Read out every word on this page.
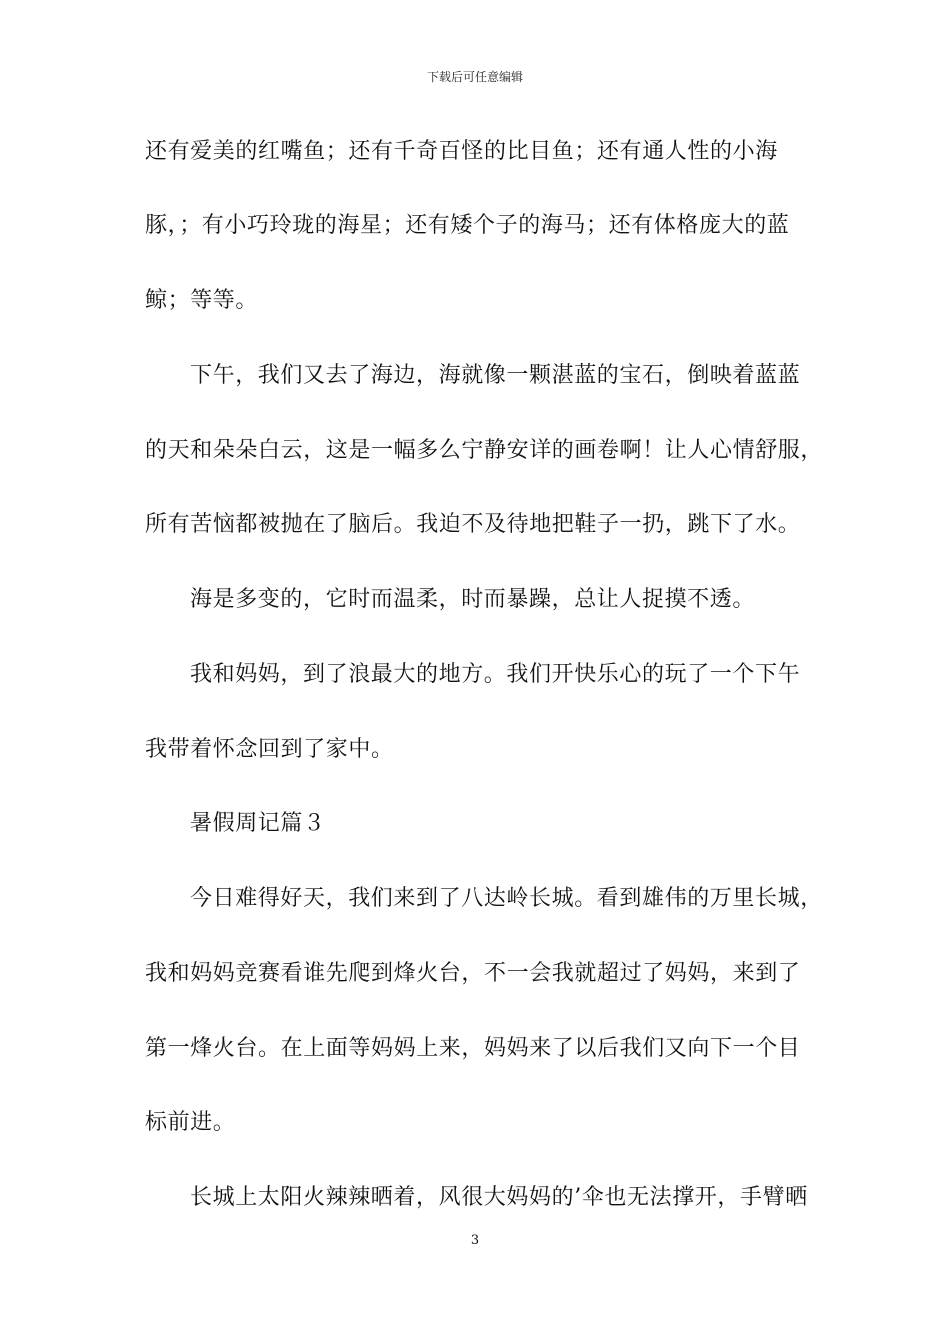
下载后可任意编辑
还有爱美的红嘴鱼；还有千奇百怪的比目鱼；还有通人性的小海
豚，；有小巧玲珑的海星；还有矮个子的海马；还有体格庞大的蓝
鲸；等等。
下午，我们又去了海边，海就像一颗湛蓝的宝石，倒映着蓝蓝
的天和朵朵白云，这是一幅多么宁静安详的画卷啊！让人心情舒服，
所有苦恼都被抛在了脑后。我迫不及待地把鞋子一扔，跳下了水。
海是多变的，它时而温柔，时而暴躁，总让人捉摸不透。
我和妈妈，到了浪最大的地方。我们开快乐心的玩了一个下午
我带着怀念回到了家中。
暑假周记篇３
今日难得好天，我们来到了八达岭长城。看到雄伟的万里长城，
我和妈妈竞赛看谁先爬到烽火台，不一会我就超过了妈妈，来到了
第一烽火台。在上面等妈妈上来，妈妈来了以后我们又向下一个目
标前进。
长城上太阳火辣辣晒着，风很大妈妈的’伞也无法撑开，手臂晒
3
